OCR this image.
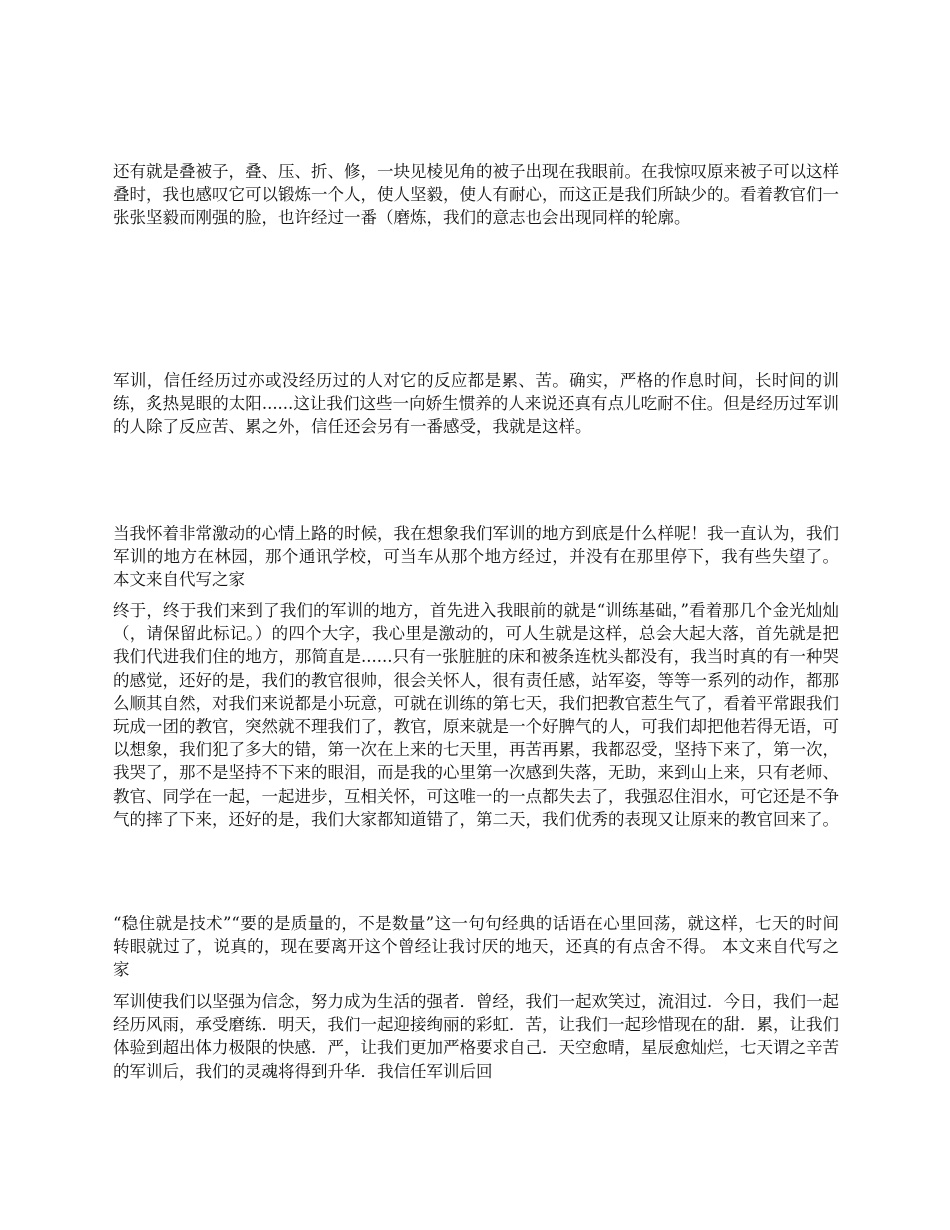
还有就是叠被子，叠、压、折、修，一块见棱见角的被子出现在我眼前。在我惊叹原来被子可以这样叠时，我也感叹它可以锻炼一个人，使人坚毅，使人有耐心，而这正是我们所缺少的。看着教官们一张张坚毅而刚强的脸，也许经过一番（磨炼，我们的意志也会出现同样的轮廓。

军训，信任经历过亦或没经历过的人对它的反应都是累、苦。确实，严格的作息时间，长时间的训练，炙热晃眼的太阳......这让我们这些一向娇生惯养的人来说还真有点儿吃耐不住。但是经历过军训的人除了反应苦、累之外，信任还会另有一番感受，我就是这样。

当我怀着非常激动的心情上路的时候，我在想象我们军训的地方到底是什么样呢！我一直认为，我们军训的地方在林园，那个通讯学校，可当车从那个地方经过，并没有在那里停下，我有些失望了。 本文来自代写之家

终于，终于我们来到了我们的军训的地方，首先进入我眼前的就是“训练基础，”看着那几个金光灿灿（，请保留此标记。）的四个大字，我心里是激动的，可人生就是这样，总会大起大落，首先就是把我们代进我们住的地方，那简直是......只有一张脏脏的床和被条连枕头都没有，我当时真的有一种哭的感觉，还好的是，我们的教官很帅，很会关怀人，很有责任感，站军姿，等等一系列的动作，都那么顺其自然，对我们来说都是小玩意，可就在训练的第七天，我们把教官惹生气了，看着平常跟我们玩成一团的教官，突然就不理我们了，教官，原来就是一个好脾气的人，可我们却把他若得无语，可以想象，我们犯了多大的错，第一次在上来的七天里，再苦再累，我都忍受，坚持下来了，第一次，我哭了，那不是坚持不下来的眼泪，而是我的心里第一次感到失落，无助，来到山上来，只有老师、教官、同学在一起，一起进步，互相关怀，可这唯一的一点都失去了，我强忍住泪水，可它还是不争气的摔了下来，还好的是，我们大家都知道错了，第二天，我们优秀的表现又让原来的教官回来了。

“稳住就是技术”“要的是质量的，不是数量”这一句句经典的话语在心里回荡，就这样，七天的时间转眼就过了，说真的，现在要离开这个曾经让我讨厌的地天，还真的有点舍不得。 本文来自代写之家

军训使我们以坚强为信念，努力成为生活的强者．曾经，我们一起欢笑过，流泪过．今日，我们一起经历风雨，承受磨练．明天，我们一起迎接绚丽的彩虹．苦，让我们一起珍惜现在的甜．累，让我们体验到超出体力极限的快感．严，让我们更加严格要求自己．天空愈晴，星辰愈灿烂，七天谓之辛苦的军训后，我们的灵魂将得到升华．我信任军训后回
